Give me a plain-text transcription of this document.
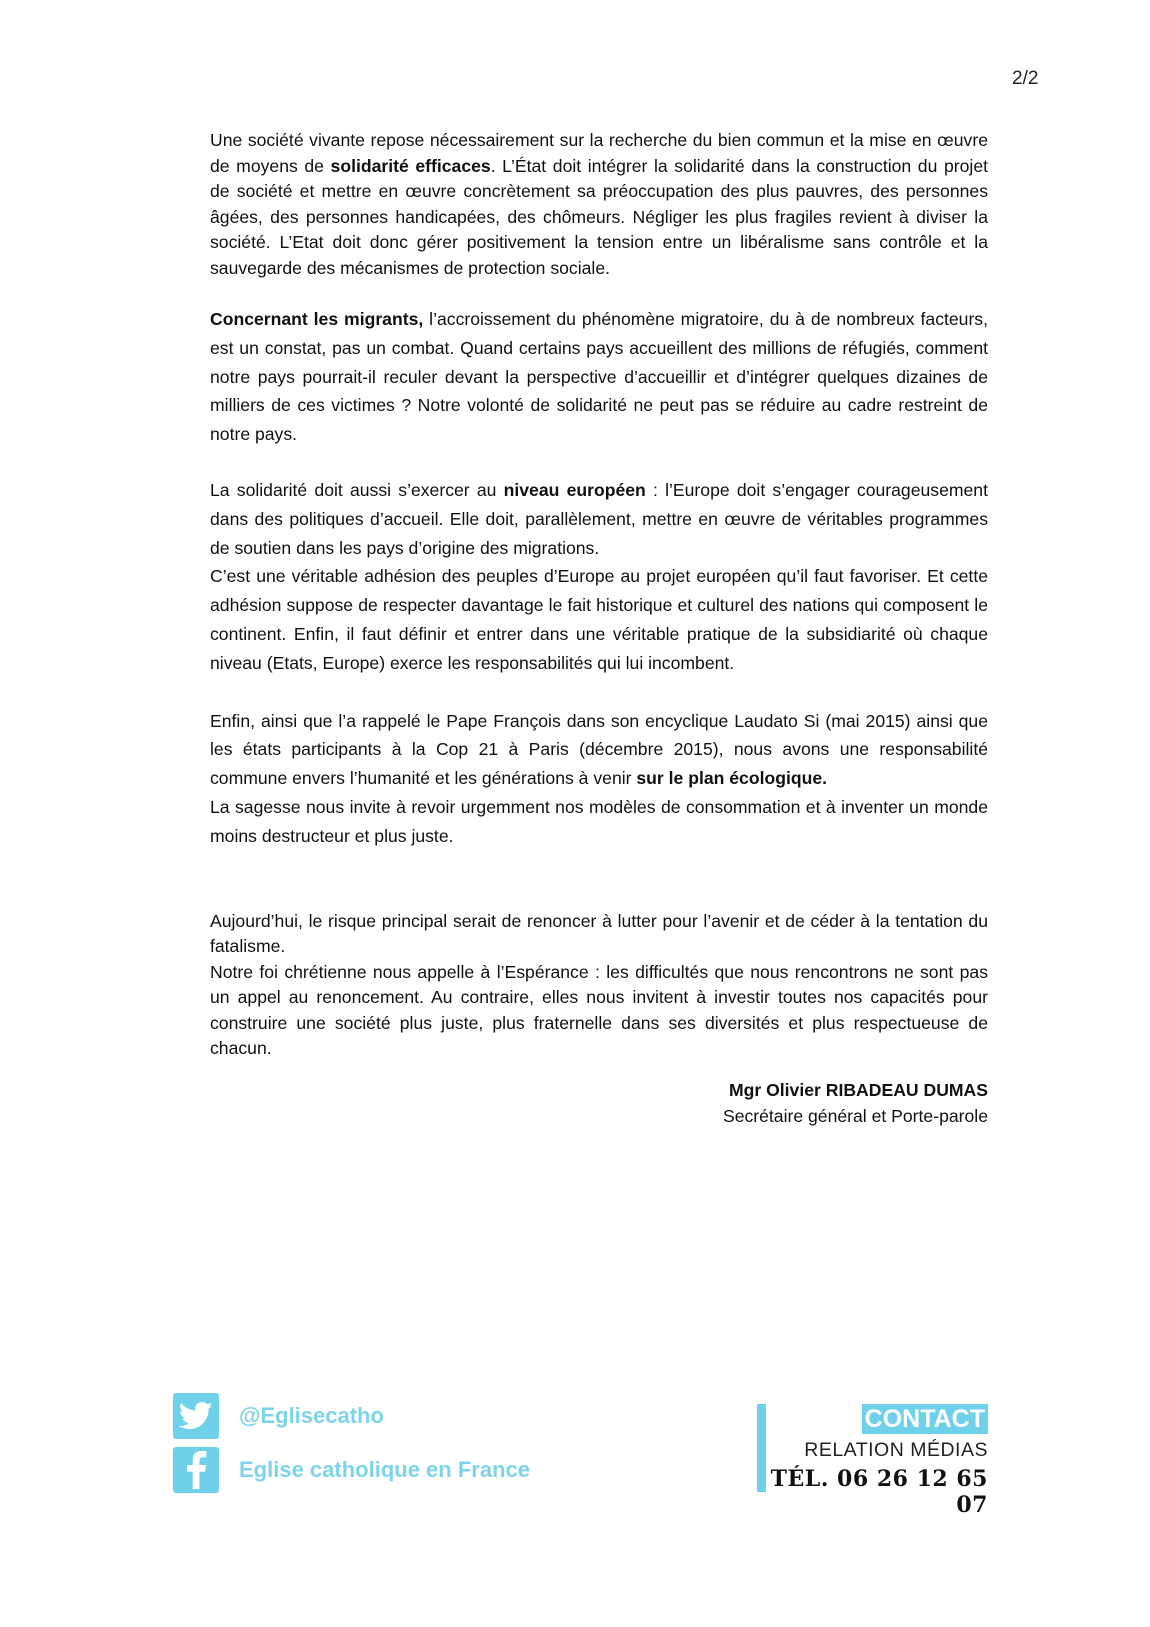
2/2

Une société vivante repose nécessairement sur la recherche du bien commun et la mise en œuvre de moyens de solidarité efficaces. L’État doit intégrer la solidarité dans la construction du projet de société et mettre en œuvre concrètement sa préoccupation des plus pauvres, des personnes âgées, des personnes handicapées, des chômeurs. Négliger les plus fragiles revient à diviser la société. L’Etat doit donc gérer positivement la tension entre un libéralisme sans contrôle et la sauvegarde des mécanismes de protection sociale.

Concernant les migrants, l’accroissement du phénomène migratoire, du à de nombreux facteurs, est un constat, pas un combat. Quand certains pays accueillent des millions de réfugiés, comment notre pays pourrait-il reculer devant la perspective d’accueillir et d’intégrer quelques dizaines de milliers de ces victimes ? Notre volonté de solidarité ne peut pas se réduire au cadre restreint de notre pays.

La solidarité doit aussi s’exercer au niveau européen : l’Europe doit s’engager courageusement dans des politiques d’accueil. Elle doit, parallèlement, mettre en œuvre de véritables programmes de soutien dans les pays d’origine des migrations.

C’est une véritable adhésion des peuples d’Europe au projet européen qu’il faut favoriser. Et cette adhésion suppose de respecter davantage le fait historique et culturel des nations qui composent le continent. Enfin, il faut définir et entrer dans une véritable pratique de la subsidiarité où chaque niveau (Etats, Europe) exerce les responsabilités qui lui incombent.

Enfin, ainsi que l’a rappelé le Pape François dans son encyclique Laudato Si (mai 2015) ainsi que les états participants à la Cop 21 à Paris (décembre 2015), nous avons une responsabilité commune envers l’humanité et les générations à venir sur le plan écologique.

La sagesse nous invite à revoir urgemment nos modèles de consommation et à inventer un monde moins destructeur et plus juste.

Aujourd’hui, le risque principal serait de renoncer à lutter pour l’avenir et de céder à la tentation du fatalisme.

Notre foi chrétienne nous appelle à l’Espérance : les difficultés que nous rencontrons ne sont pas un appel au renoncement. Au contraire, elles nous invitent à investir toutes nos capacités pour construire une société plus juste, plus fraternelle dans ses diversités et plus respectueuse de chacun.

Mgr Olivier RIBADEAU DUMAS
Secrétaire général et Porte-parole
@Eglisecatho
Eglise catholique en France
CONTACT
RELATION MÉDIAS
TÉL. 06 26 12 65 07
